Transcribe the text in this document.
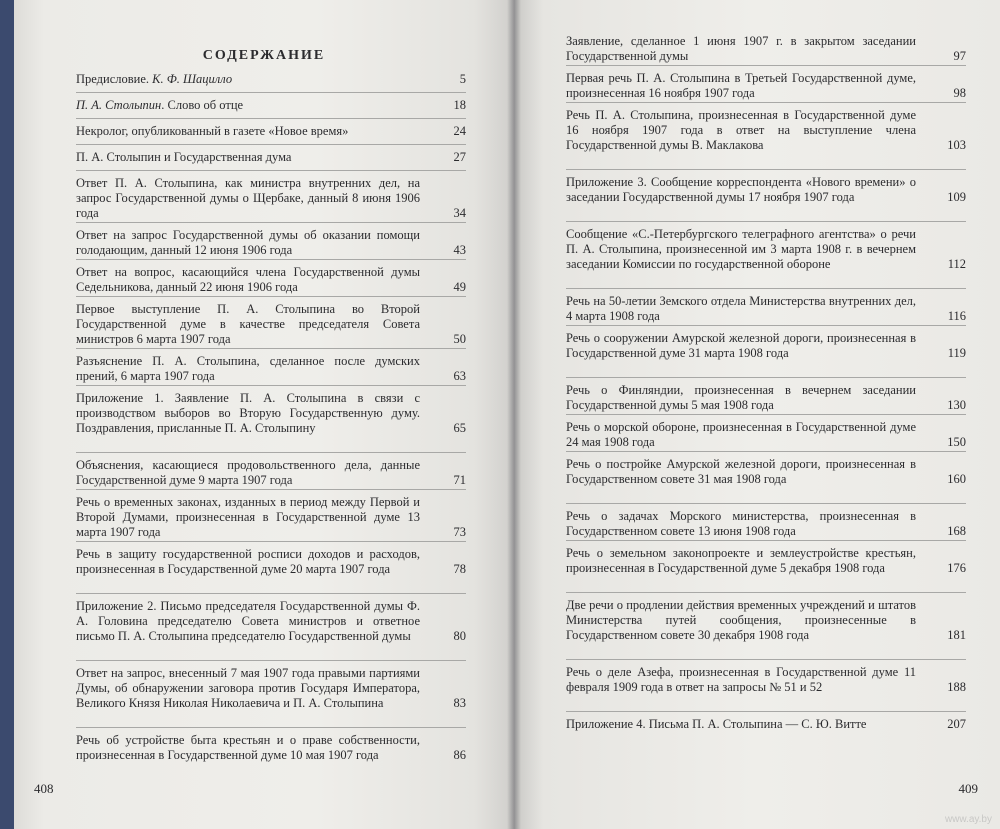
СОДЕРЖАНИЕ
Предисловие. К. Ф. Шацилло	5
П. А. Столыпин. Слово об отце	18
Некролог, опубликованный в газете «Новое время»	24
П. А. Столыпин и Государственная дума	27
Ответ П. А. Столыпина, как министра внутренних дел, на запрос Государственной думы о Щербаке, данный 8 июня 1906 года	34
Ответ на запрос Государственной думы об оказании помощи голодающим, данный 12 июня 1906 года	43
Ответ на вопрос, касающийся члена Государственной думы Седельникова, данный 22 июня 1906 года	49
Первое выступление П. А. Столыпина во Второй Государственной думе в качестве председателя Совета министров 6 марта 1907 года	50
Разъяснение П. А. Столыпина, сделанное после думских прений, 6 марта 1907 года	63
Приложение 1. Заявление П. А. Столыпина в связи с производством выборов во Вторую Государственную думу. Поздравления, присланные П. А. Столыпину	65
Объяснения, касающиеся продовольственного дела, данные Государственной думе 9 марта 1907 года	71
Речь о временных законах, изданных в период между Первой и Второй Думами, произнесенная в Государственной думе 13 марта 1907 года	73
Речь в защиту государственной росписи доходов и расходов, произнесенная в Государственной думе 20 марта 1907 года	78
Приложение 2. Письмо председателя Государственной думы Ф. А. Головина председателю Совета министров и ответное письмо П. А. Столыпина председателю Государственной думы	80
Ответ на запрос, внесенный 7 мая 1907 года правыми партиями Думы, об обнаружении заговора против Государя Императора, Великого Князя Николая Николаевича и П. А. Столыпина	83
Речь об устройстве быта крестьян и о праве собственности, произнесенная в Государственной думе 10 мая 1907 года	86
408
Заявление, сделанное 1 июня 1907 г. в закрытом заседании Государственной думы	97
Первая речь П. А. Столыпина в Третьей Государственной думе, произнесенная 16 ноября 1907 года	98
Речь П. А. Столыпина, произнесенная в Государственной думе 16 ноября 1907 года в ответ на выступление члена Государственной думы В. Маклакова	103
Приложение 3. Сообщение корреспондента «Нового времени» о заседании Государственной думы 17 ноября 1907 года	109
Сообщение «С.-Петербургского телеграфного агентства» о речи П. А. Столыпина, произнесенной им 3 марта 1908 г. в вечернем заседании Комиссии по государственной обороне	112
Речь на 50-летии Земского отдела Министерства внутренних дел, 4 марта 1908 года	116
Речь о сооружении Амурской железной дороги, произнесенная в Государственной думе 31 марта 1908 года	119
Речь о Финляндии, произнесенная в вечернем заседании Государственной думы 5 мая 1908 года	130
Речь о морской обороне, произнесенная в Государственной думе 24 мая 1908 года	150
Речь о постройке Амурской железной дороги, произнесенная в Государственном совете 31 мая 1908 года	160
Речь о задачах Морского министерства, произнесенная в Государственном совете 13 июня 1908 года	168
Речь о земельном законопроекте и землеустройстве крестьян, произнесенная в Государственной думе 5 декабря 1908 года	176
Две речи о продлении действия временных учреждений и штатов Министерства путей сообщения, произнесенные в Государственном совете 30 декабря 1908 года	181
Речь о деле Азефа, произнесенная в Государственной думе 11 февраля 1909 года в ответ на запросы № 51 и 52	188
Приложение 4. Письма П. А. Столыпина — С. Ю. Витте	207
409
www.ay.by
